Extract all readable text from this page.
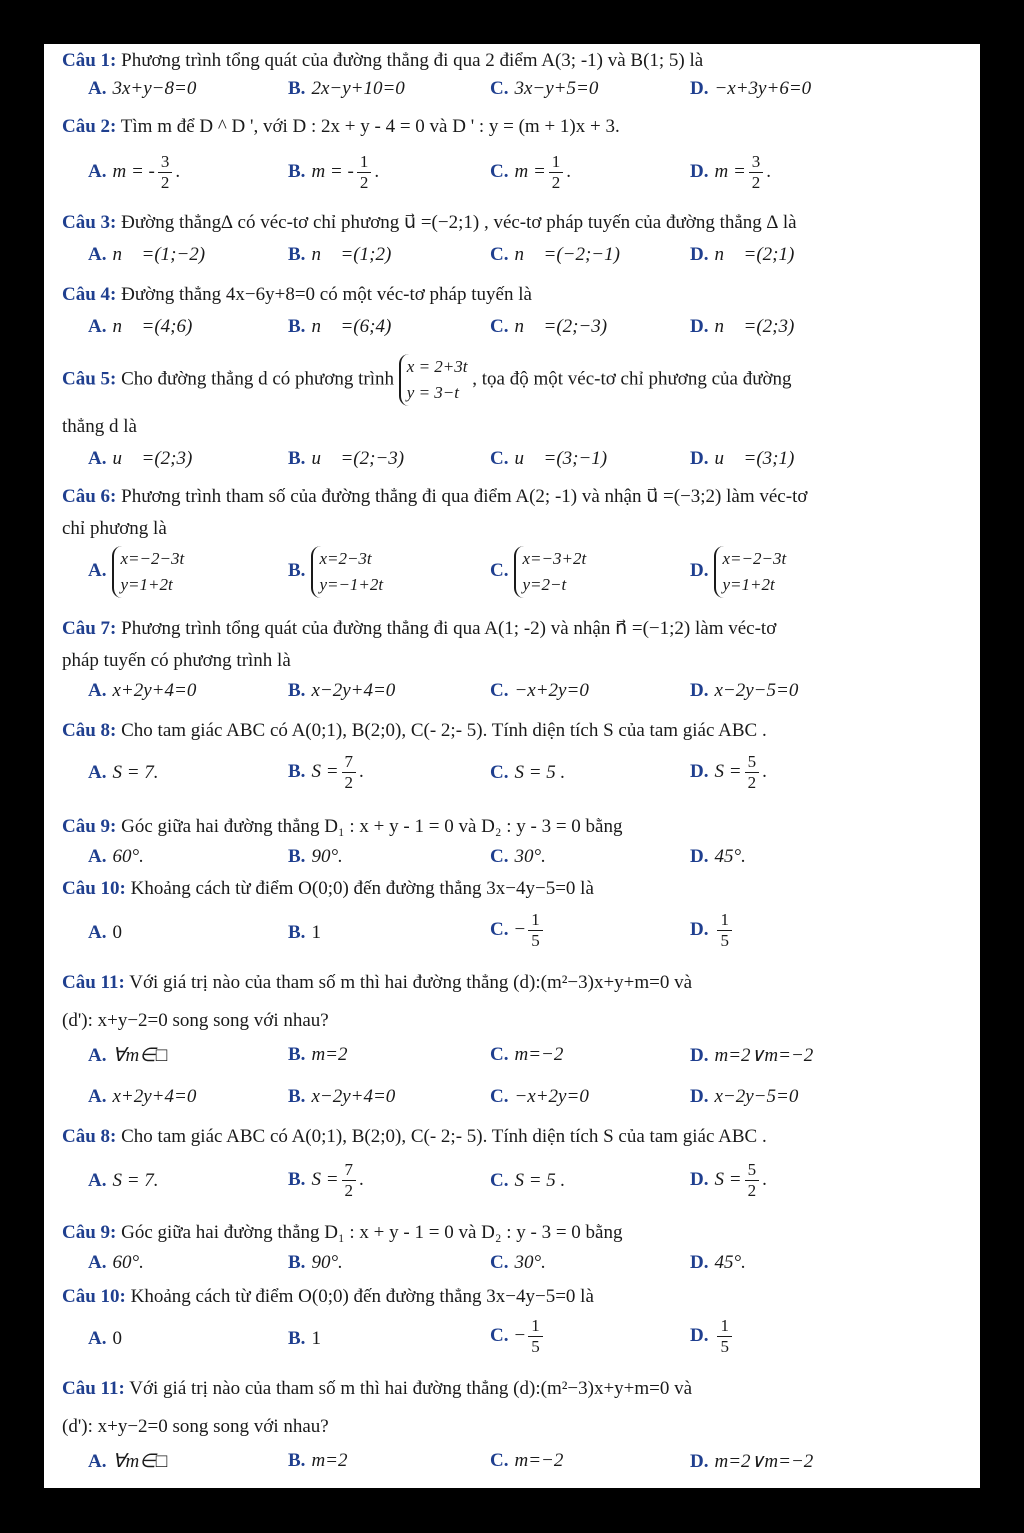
Câu 1: Phương trình tổng quát của đường thẳng đi qua 2 điểm A(3; -1) và B(1; 5) là
A. 3x+y−8=0	B. 2x−y+10=0	C. 3x−y+5=0	D. −x+3y+6=0
Câu 2: Tìm m để D ^ D ', với D : 2x + y - 4 = 0 và D ' : y = (m + 1)x + 3.
A. m = - $\frac{3}{2}$ .	B. m = - $\frac{1}{2}$ .	C. $m = \frac{1}{2}$ .	D. $m = \frac{3}{2}$ .
Câu 3: Đường thẳng∆ có véc-tơ chỉ phương u⃗ =(−2;1) , véc-tơ pháp tuyến của đường thẳng ∆ là
A. n⃗ =(1;−2)	B. n⃗ =(1;2)	C. n⃗ =(−2;−1)	D. n⃗ =(2;1)
Câu 4: Đường thẳng 4x−6y+8=0 có một véc-tơ pháp tuyến là
A. n⃗ =(4;6)	B. n⃗ =(6;4)	C. n⃗ =(2;−3)	D. n⃗ =(2;3)
Câu 5: Cho đường thẳng d có phương trình
x = 2+3t
y = 3−t
, tọa độ một véc-tơ chỉ phương của đường
thẳng d là
A. u⃗ =(2;3)	B. u⃗ =(2;−3)	C. u⃗ =(3;−1)	D. u⃗ =(3;1)
Câu 6: Phương trình tham số của đường thẳng đi qua điểm A(2; -1) và nhận u⃗ =(−3;2) làm véc-tơ
chỉ phương là
A.
x=−2−3t
y=1+2t
B.
x=2−3t
y=−1+2t
C.
x=−3+2t
y=2−t
D.
x=−2−3t
y=1+2t
Câu 7: Phương trình tổng quát của đường thẳng đi qua A(1; -2) và nhận n⃗ =(−1;2) làm véc-tơ
pháp tuyến có phương trình là
A. x+2y+4=0	B. x−2y+4=0	C. −x+2y=0	D. x−2y−5=0
Câu 8: Cho tam giác ABC có A(0;1), B(2;0), C(- 2;- 5). Tính diện tích S của tam giác ABC .
A. S = 7.	B. $S = \frac{7}{2}$ .	C. S = 5 .	D. $S = \frac{5}{2}$ .
Câu 9: Góc giữa hai đường thẳng D₁ : x + y - 1 = 0 và D₂ : y - 3 = 0 bằng
A. 60°.	B. 90°.	C. 30°.	D. 45°.
Câu 10: Khoảng cách từ điểm O(0;0) đến đường thẳng 3x−4y−5=0 là
A. 0	B. 1	C. − $\frac{1}{5}$	D. $\frac{1}{5}$
Câu 11: Với giá trị nào của tham số m thì hai đường thẳng (d):(m²−3)x+y+m=0 và
(d'): x+y−2=0 song song với nhau?
A. ∀m∈□	B. m=2	C. m=−2	D. m=2∨m=−2
A. x+2y+4=0	B. x−2y+4=0	C. −x+2y=0	D. x−2y−5=0
Câu 8: Cho tam giác ABC có A(0;1), B(2;0), C(- 2;- 5). Tính diện tích S của tam giác ABC .
A. S = 7.	B. $S = \frac{7}{2}$ .	C. S = 5 .	D. $S = \frac{5}{2}$ .
Câu 9: Góc giữa hai đường thẳng D₁ : x + y - 1 = 0 và D₂ : y - 3 = 0 bằng
A. 60°.	B. 90°.	C. 30°.	D. 45°.
Câu 10: Khoảng cách từ điểm O(0;0) đến đường thẳng 3x−4y−5=0 là
A. 0	B. 1	C. − $\frac{1}{5}$	D. $\frac{1}{5}$
Câu 11: Với giá trị nào của tham số m thì hai đường thẳng (d):(m²−3)x+y+m=0 và
(d'): x+y−2=0 song song với nhau?
A. ∀m∈□	B. m=2	C. m=−2	D. m=2∨m=−2
